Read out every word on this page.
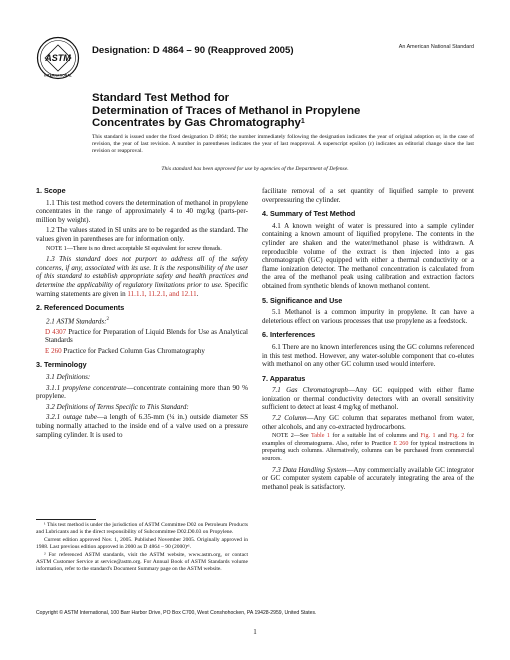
ASTM
INTERNATIONAL
Designation: D 4864 – 90 (Reapproved 2005)	An American National Standard
Standard Test Method for
Determination of Traces of Methanol in Propylene
Concentrates by Gas Chromatography$^1$
This standard is issued under the fixed designation D 4864; the number immediately following the designation indicates the year of original adoption or, in the case of revision, the year of last revision. A number in parentheses indicates the year of last reapproval. A superscript epsilon (ε) indicates an editorial change since the last revision or reapproval.
This standard has been approved for use by agencies of the Department of Defense.
1. Scope

1.1 This test method covers the determination of methanol in propylene concentrates in the range of approximately 4 to 40 mg/kg (parts-per-million by weight).

1.2 The values stated in SI units are to be regarded as the standard. The values given in parentheses are for information only.

NOTE 1—There is no direct acceptable SI equivalent for screw threads.

1.3 This standard does not purport to address all of the safety concerns, if any, associated with its use. It is the responsibility of the user of this standard to establish appropriate safety and health practices and determine the applicability of regulatory limitations prior to use. Specific warning statements are given in 11.1.1, 11.2.1, and 12.11.

2. Referenced Documents

2.1 ASTM Standards:$^2$

D 4307 Practice for Preparation of Liquid Blends for Use as Analytical Standards

E 260 Practice for Packed Column Gas Chromatography

3. Terminology

3.1 Definitions:

3.1.1 propylene concentrate—concentrate containing more than 90 % propylene.

3.2 Definitions of Terms Specific to This Standard:

3.2.1 outage tube—a length of 6.35-mm (¼ in.) outside diameter SS tubing normally attached to the inside end of a valve used on a pressure sampling cylinder. It is used to

¹ This test method is under the jurisdiction of ASTM Committee D02 on Petroleum Products and Lubricants and is the direct responsibility of Subcommittee D02.D0.03 on Propylene.

Current edition approved Nov. 1, 2005. Published November 2005. Originally approved in 1988. Last previous edition approved in 2000 as D 4864 – 90 (2000)ᵉ¹.

² For referenced ASTM standards, visit the ASTM website, www.astm.org, or contact ASTM Customer Service at service@astm.org. For Annual Book of ASTM Standards volume information, refer to the standard's Document Summary page on the ASTM website.

facilitate removal of a set quantity of liquified sample to prevent overpressuring the cylinder.

4. Summary of Test Method

4.1 A known weight of water is pressured into a sample cylinder containing a known amount of liquified propylene. The contents in the cylinder are shaken and the water/methanol phase is withdrawn. A reproducible volume of the extract is then injected into a gas chromatograph (GC) equipped with either a thermal conductivity or a flame ionization detector. The methanol concentration is calculated from the area of the methanol peak using calibration and extraction factors obtained from synthetic blends of known methanol content.

5. Significance and Use

5.1 Methanol is a common impurity in propylene. It can have a deleterious effect on various processes that use propylene as a feedstock.

6. Interferences

6.1 There are no known interferences using the GC columns referenced in this test method. However, any water-soluble component that co-elutes with methanol on any other GC column used would interfere.

7. Apparatus

7.1 Gas Chromatograph—Any GC equipped with either flame ionization or thermal conductivity detectors with an overall sensitivity sufficient to detect at least 4 mg/kg of methanol.

7.2 Column—Any GC column that separates methanol from water, other alcohols, and any co-extracted hydrocarbons.

NOTE 2—See Table 1 for a suitable list of columns and Fig. 1 and Fig. 2 for examples of chromatograms. Also, refer to Practice E 260 for typical instructions in preparing such columns. Alternatively, columns can be purchased from commercial sources.

7.3 Data Handling System—Any commercially available GC integrator or GC computer system capable of accurately integrating the area of the methanol peak is satisfactory.

Copyright © ASTM International, 100 Barr Harbor Drive, PO Box C700, West Conshohocken, PA 19428-2959, United States.
1
